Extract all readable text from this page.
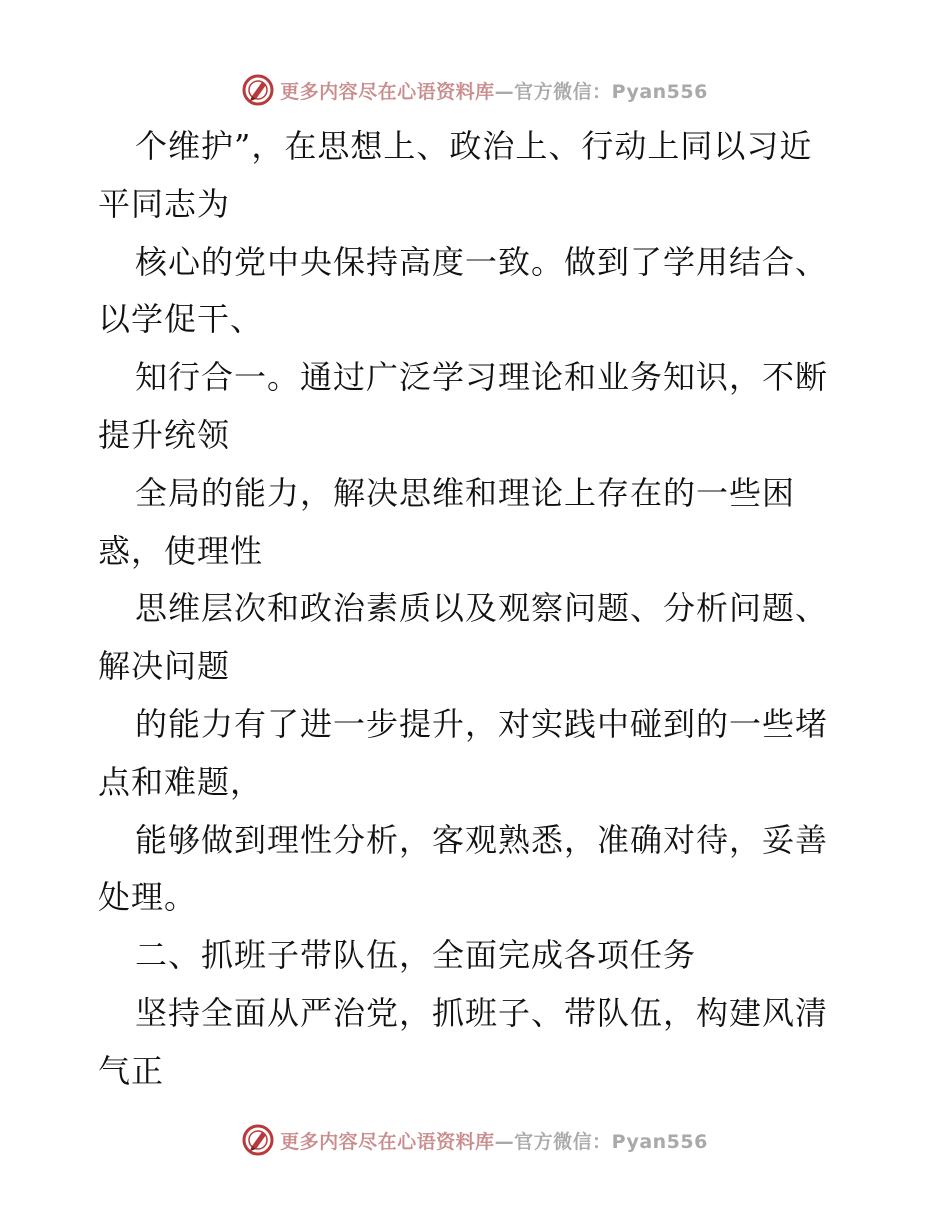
更多内容尽在心语资料库—官方微信：Pyan556
个维护”，在思想上、政治上、行动上同以习近
平同志为
核心的党中央保持高度一致。做到了学用结合、
以学促干、
知行合一。通过广泛学习理论和业务知识，不断
提升统领
全局的能力，解决思维和理论上存在的一些困
惑，使理性
思维层次和政治素质以及观察问题、分析问题、
解决问题
的能力有了进一步提升，对实践中碰到的一些堵
点和难题，
能够做到理性分析，客观熟悉，准确对待，妥善
处理。
二、抓班子带队伍，全面完成各项任务
坚持全面从严治党，抓班子、带队伍，构建风清
气正
更多内容尽在心语资料库—官方微信：Pyan556
